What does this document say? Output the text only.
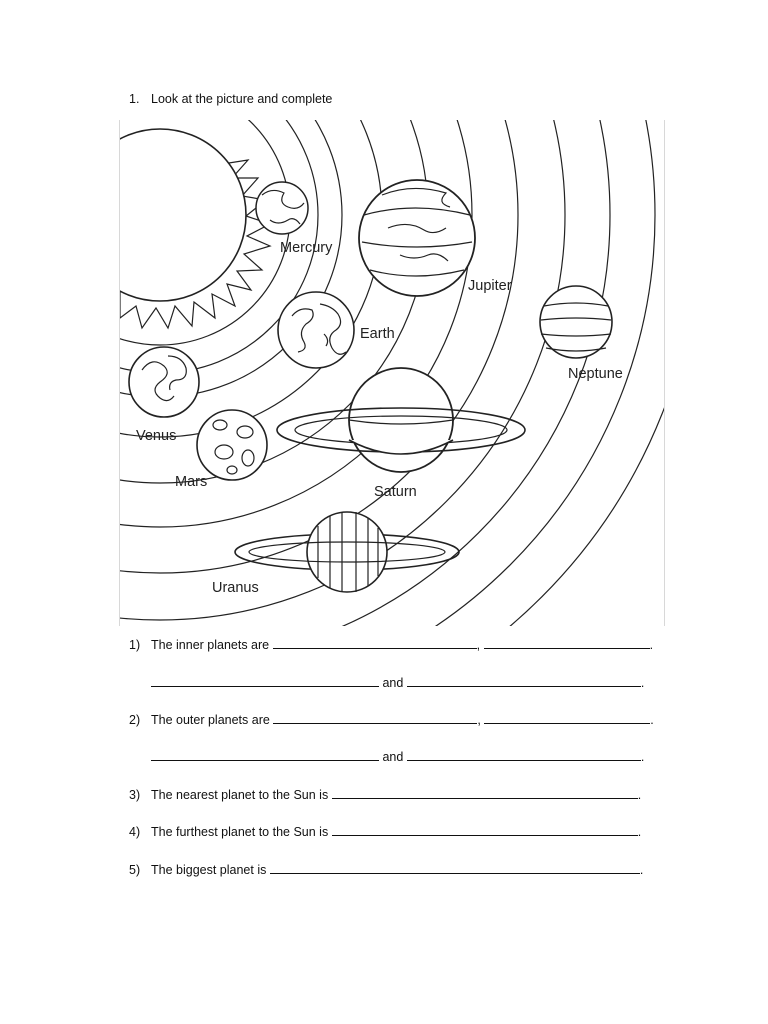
1. Look at the picture and complete
Mercury
Earth
Jupiter
Neptune
Venus
Mars
Saturn
Uranus
1) The inner planets are	,	.
and	.
2) The outer planets are	,	.
and	.
3) The nearest planet to the Sun is	.
4) The furthest planet to the Sun is	.
5) The biggest planet is	.
